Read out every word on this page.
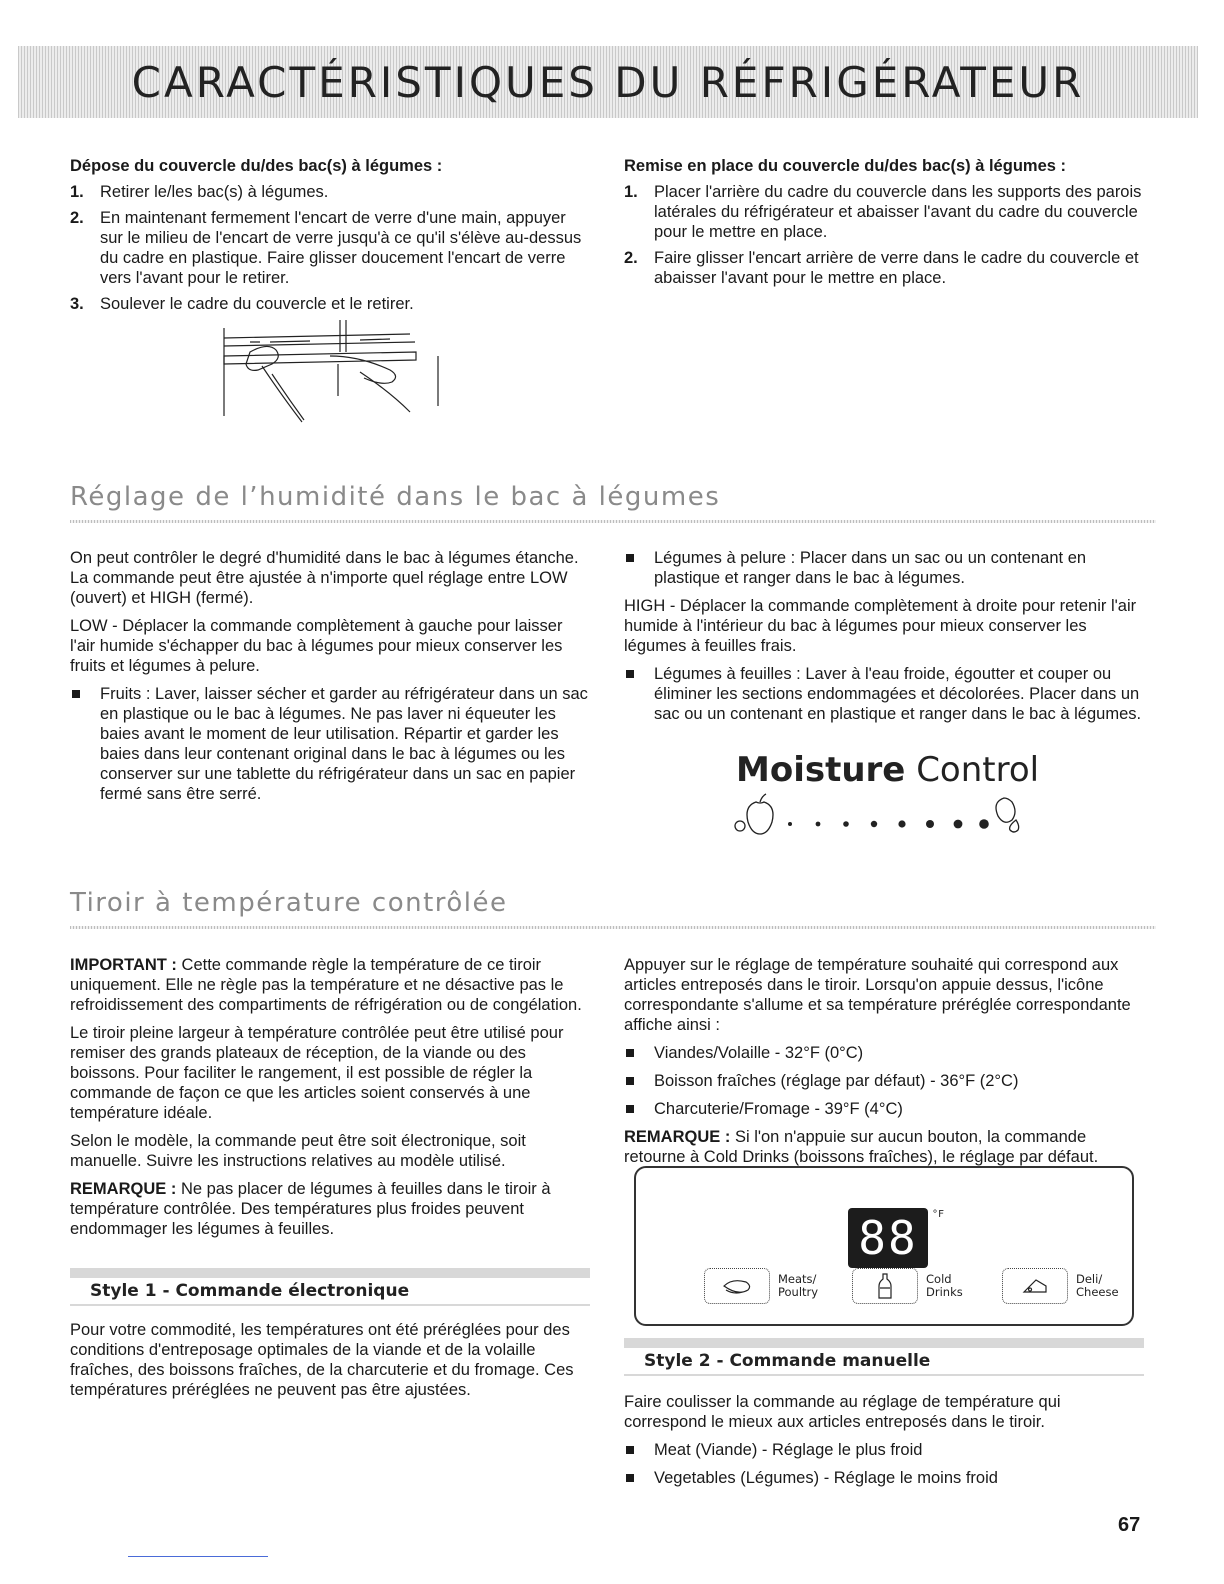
CARACTÉRISTIQUES DU RÉFRIGÉRATEUR
Dépose du couvercle du/des bac(s) à légumes :
1. Retirer le/les bac(s) à légumes.
2. En maintenant fermement l'encart de verre d'une main, appuyer sur le milieu de l'encart de verre jusqu'à ce qu'il s'élève au-dessus du cadre en plastique. Faire glisser doucement l'encart de verre vers l'avant pour le retirer.
3. Soulever le cadre du couvercle et le retirer.
Remise en place du couvercle du/des bac(s) à légumes :
1. Placer l'arrière du cadre du couvercle dans les supports des parois latérales du réfrigérateur et abaisser l'avant du cadre du couvercle pour le mettre en place.
2. Faire glisser l'encart arrière de verre dans le cadre du couvercle et abaisser l'avant pour le mettre en place.
Réglage de l’humidité dans le bac à légumes

On peut contrôler le degré d'humidité dans le bac à légumes étanche. La commande peut être ajustée à n'importe quel réglage entre LOW (ouvert) et HIGH (fermé).

LOW - Déplacer la commande complètement à gauche pour laisser l'air humide s'échapper du bac à légumes pour mieux conserver les fruits et légumes à pelure.

Fruits : Laver, laisser sécher et garder au réfrigérateur dans un sac en plastique ou le bac à légumes. Ne pas laver ni équeuter les baies avant le moment de leur utilisation. Répartir et garder les baies dans leur contenant original dans le bac à légumes ou les conserver sur une tablette du réfrigérateur dans un sac en papier fermé sans être serré.
Légumes à pelure : Placer dans un sac ou un contenant en plastique et ranger dans le bac à légumes.

HIGH - Déplacer la commande complètement à droite pour retenir l'air humide à l'intérieur du bac à légumes pour mieux conserver les légumes à feuilles frais.

Légumes à feuilles : Laver à l'eau froide, égoutter et couper ou éliminer les sections endommagées et décolorées. Placer dans un sac ou un contenant en plastique et ranger dans le bac à légumes.
Moisture Control
Tiroir à température contrôlée

IMPORTANT : Cette commande règle la température de ce tiroir uniquement. Elle ne règle pas la température et ne désactive pas le refroidissement des compartiments de réfrigération ou de congélation.

Le tiroir pleine largeur à température contrôlée peut être utilisé pour remiser des grands plateaux de réception, de la viande ou des boissons. Pour faciliter le rangement, il est possible de régler la commande de façon ce que les articles soient conservés à une température idéale.

Selon le modèle, la commande peut être soit électronique, soit manuelle. Suivre les instructions relatives au modèle utilisé.

REMARQUE : Ne pas placer de légumes à feuilles dans le tiroir à température contrôlée. Des températures plus froides peuvent endommager les légumes à feuilles.

Style 1 - Commande électronique

Pour votre commodité, les températures ont été préréglées pour des conditions d'entreposage optimales de la viande et de la volaille fraîches, des boissons fraîches, de la charcuterie et du fromage. Ces températures préréglées ne peuvent pas être ajustées.

Appuyer sur le réglage de température souhaité qui correspond aux articles entreposés dans le tiroir. Lorsqu'on appuie dessus, l'icône correspondante s'allume et sa température préréglée correspondante affiche ainsi :

Viandes/Volaille - 32°F (0°C)
Boisson fraîches (réglage par défaut) - 36°F (2°C)
Charcuterie/Fromage - 39°F (4°C)

REMARQUE : Si l'on n'appuie sur aucun bouton, la commande retourne à Cold Drinks (boissons fraîches), le réglage par défaut.

88 °F
Meats/
Poultry
Cold
Drinks
Deli/
Cheese
Style 2 - Commande manuelle

Faire coulisser la commande au réglage de température qui correspond le mieux aux articles entreposés dans le tiroir.

Meat (Viande) - Réglage le plus froid
Vegetables (Légumes) - Réglage le moins froid
67
